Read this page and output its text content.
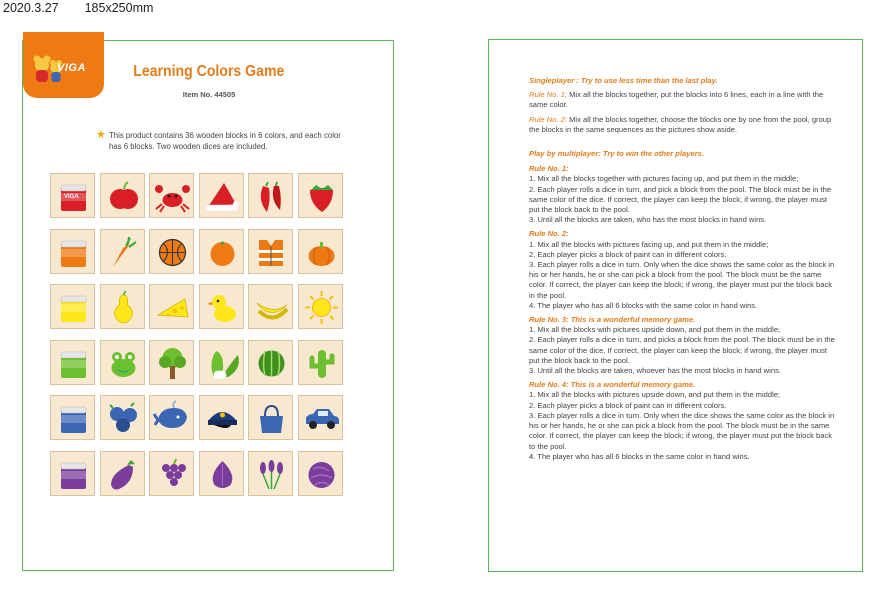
2020.3.27 185x250mm
VIGA	Learning Colors Game
Item No. 44505
★ This product contains 36 wooden blocks in 6 colors, and each color has 6 blocks. Two wooden dices are included.
VIGA

Singleplayer : Try to use less time than the last play.

Rule No. 1: Mix all the blocks together, put the blocks into 6 lines, each in a line with the same color.

Rule No. 2: Mix all the blocks together, choose the blocks one by one from the pool, group the blocks in the same sequences as the pictures show aside.

Play by multiplayer: Try to win the other players.

Rule No. 1:

1. Mix all the blocks together with pictures facing up, and put them in the middle;

2. Each player rolls a dice in turn, and pick a block from the pool. The block must be in the same color of the dice. If correct, the player can keep the block; if wrong, the player must put the block back to the pool.

3. Until all the blocks are taken, who has the most blocks in hand wins.

Rule No. 2:

1. Mix all the blocks with pictures facing up, and put them in the middle;

2. Each player picks a block of paint can in different colors.

3. Each player rolls a dice in turn. Only when the dice shows the same color as the block in his or her hands, he or she can pick a block from the pool. The block must be the same color. If correct, the player can keep the block; if wrong, the player must put the block back in the pool.

4. The player who has all 6 blocks with the same color in hand wins.

Rule No. 3: This is a wonderful memory game.

1. Mix all the blocks with pictures upside down, and put them in the middle;

2. Each player rolls a dice in turn, and picks a block from the pool. The block must be in the same color of the dice. If correct, the player can keep the block; if wrong, the player must put the block back to the pool.

3. Until all the blocks are taken, whoever has the most blocks in hand wins.

Rule No. 4: This is a wonderful memory game.

1. Mix all the blocks with pictures upside down, and put them in the middle;

2. Each player picks a block of paint can in different colors.

3. Each player rolls a dice in turn. Only when the dice shows the same color as the block in his or her hands, he or she can pick a block from the pool. The block must be in the same color. If correct, the player can keep the block; if wrong, the player must put the block back to the pool.

4. The player who has all 6 blocks in the same color in hand wins.
